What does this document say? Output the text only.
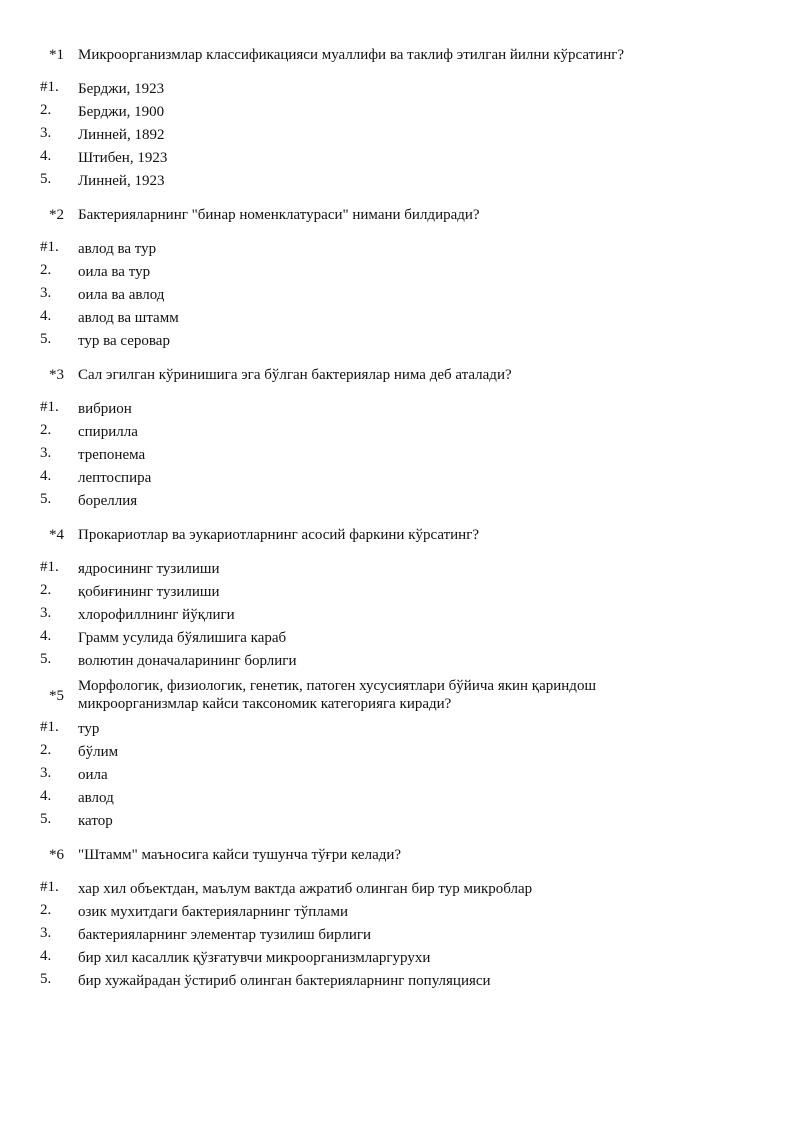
*1 Микроорганизмлар классификацияси муаллифи ва таклиф этилган йилни кўрсатинг?
#1. Берджи, 1923
2. Берджи, 1900
3. Линней, 1892
4. Штибен, 1923
5. Линней, 1923
*2 Бактерияларнинг "бинар номенклатураси" нимани билдиради?
#1. авлод ва тур
2. оила ва тур
3. оила ва авлод
4. авлод ва штамм
5. тур ва серовар
*3 Сал эгилган кўринишига эга бўлган бактериялар нима деб аталади?
#1. вибрион
2. спирилла
3. трепонема
4. лептоспира
5. бореллия
*4 Прокариотлар ва эукариотларнинг асосий фаркини кўрсатинг?
#1. ядросининг тузилиши
2. қобиғининг тузилиши
3. хлорофиллнинг йўқлиги
4. Грамм усулида бўялишига караб
5. волютин доначаларининг борлиги
*5
Морфологик, физиологик, генетик, патоген хусусиятлари бўйича якин қариндош
микроорганизмлар кайси таксономик категорияга киради?
#1. тур
2. бўлим
3. оила
4. авлод
5. катор
*6 "Штамм" маъносига кайси тушунча тўғри келади?
#1. хар хил объектдан, маълум вактда ажратиб олинган бир тур микроблар
2. озик мухитдаги бактерияларнинг тўплами
3. бактерияларнинг элементар тузилиш бирлиги
4. бир хил касаллик қўзғатувчи микроорганизмларгурухи
5. бир хужайрадан ўстириб олинган бактерияларнинг популяцияси
